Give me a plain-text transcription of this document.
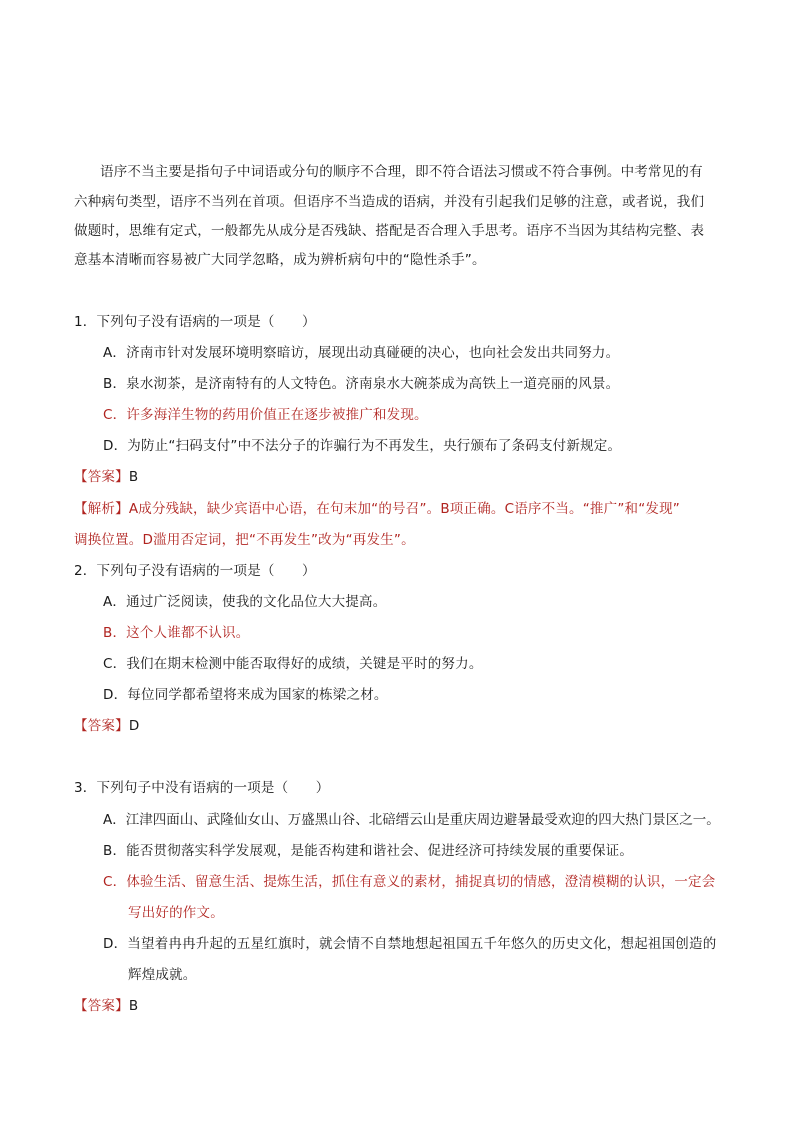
语序不当主要是指句子中词语或分句的顺序不合理，即不符合语法习惯或不符合事例。中考常见的有
六种病句类型，语序不当列在首项。但语序不当造成的语病，并没有引起我们足够的注意，或者说，我们
做题时，思维有定式，一般都先从成分是否残缺、搭配是否合理入手思考。语序不当因为其结构完整、表
意基本清晰而容易被广大同学忽略，成为辨析病句中的“隐性杀手”。
1．下列句子没有语病的一项是（　　）
A．济南市针对发展环境明察暗访，展现出动真碰硬的决心，也向社会发出共同努力。
B．泉水沏茶，是济南特有的人文特色。济南泉水大碗茶成为高铁上一道亮丽的风景。
C．许多海洋生物的药用价值正在逐步被推广和发现。
D．为防止“扫码支付”中不法分子的诈骗行为不再发生，央行颁布了条码支付新规定。
【答案】B
【解析】A成分残缺，缺少宾语中心语，在句末加“的号召”。B项正确。C语序不当。“推广”和“发现”
调换位置。D滥用否定词，把“不再发生”改为“再发生”。
2．下列句子没有语病的一项是（　　）
A．通过广泛阅读，使我的文化品位大大提高。
B．这个人谁都不认识。
C．我们在期末检测中能否取得好的成绩，关键是平时的努力。
D．每位同学都希望将来成为国家的栋梁之材。
【答案】D
3．下列句子中没有语病的一项是（　　）
A．江津四面山、武隆仙女山、万盛黑山谷、北碚缙云山是重庆周边避暑最受欢迎的四大热门景区之一。
B．能否贯彻落实科学发展观，是能否构建和谐社会、促进经济可持续发展的重要保证。
C．体验生活、留意生活、提炼生活，抓住有意义的素材，捕捉真切的情感，澄清模糊的认识，一定会
写出好的作文。
D．当望着冉冉升起的五星红旗时，就会情不自禁地想起祖国五千年悠久的历史文化，想起祖国创造的
辉煌成就。
【答案】B
